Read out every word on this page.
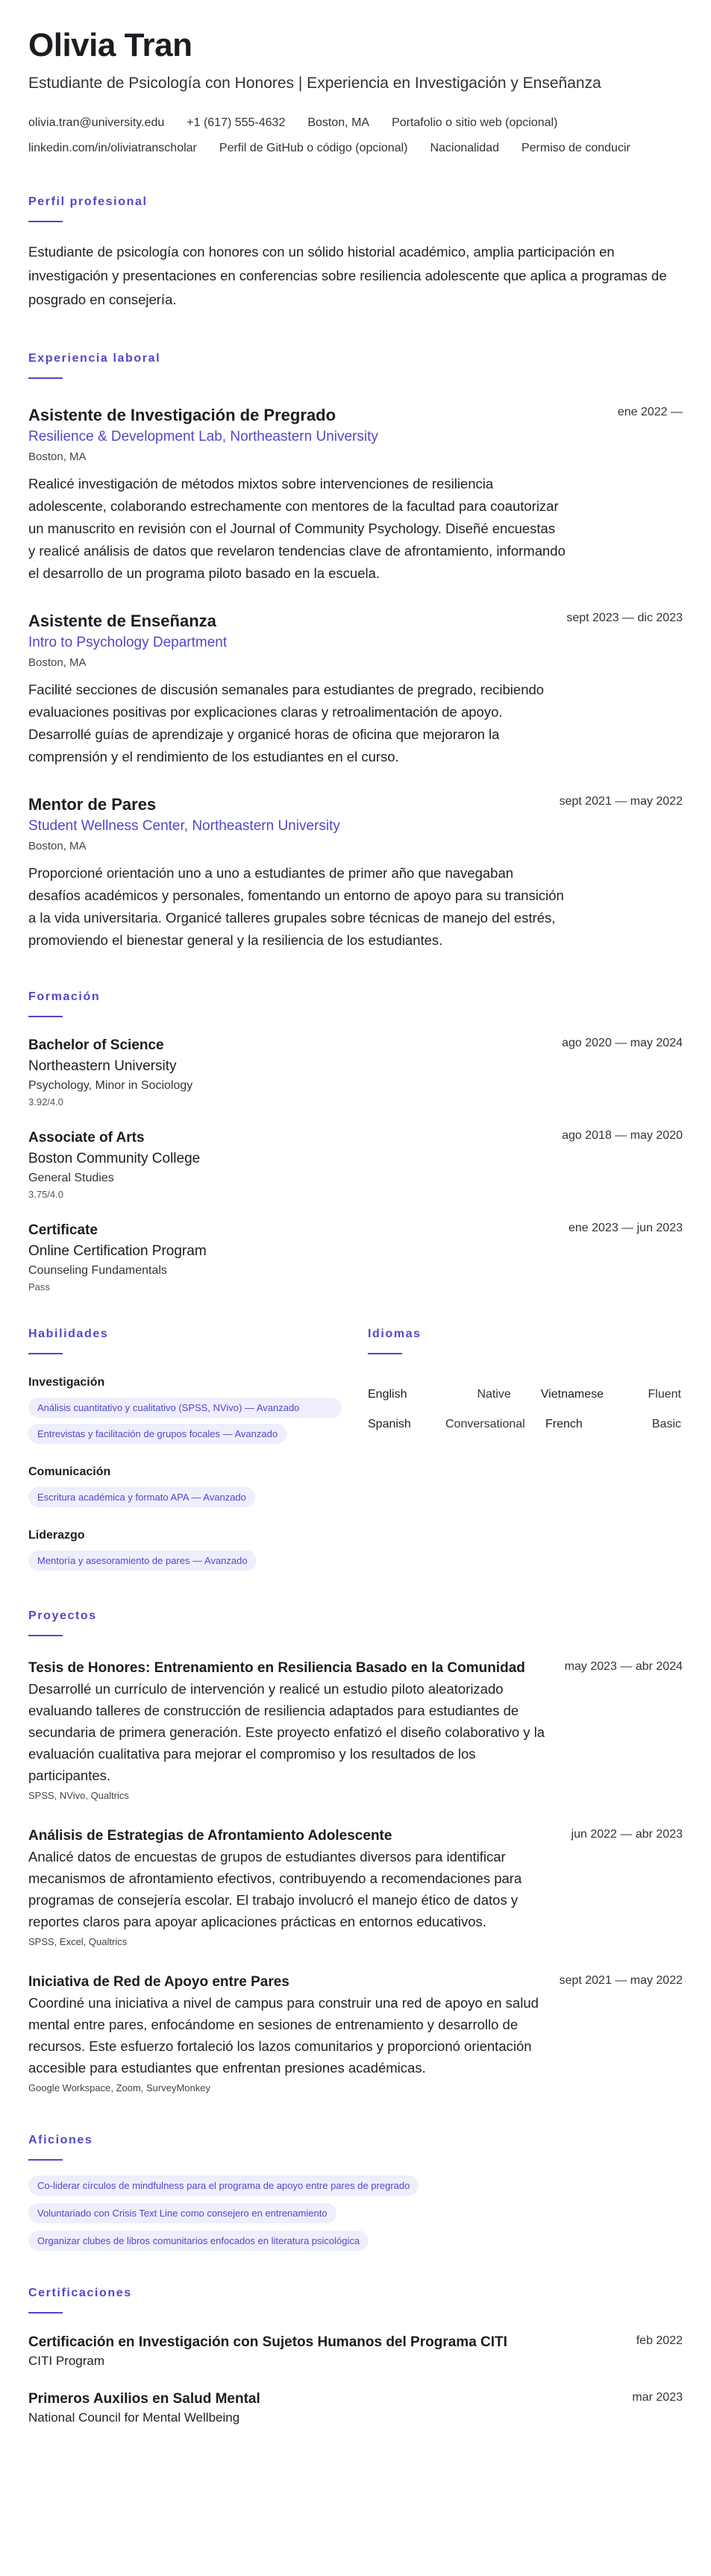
Olivia Tran
Estudiante de Psicología con Honores | Experiencia en Investigación y Enseñanza
olivia.tran@university.edu +1 (617) 555-4632 Boston, MA Portafolio o sitio web (opcional)
linkedin.com/in/oliviatranscholar Perfil de GitHub o código (opcional) Nacionalidad Permiso de conducir
Perfil profesional

Estudiante de psicología con honores con un sólido historial académico, amplia participación en investigación y presentaciones en conferencias sobre resiliencia adolescente que aplica a programas de posgrado en consejería.

Experiencia laboral
ene 2022 —
Asistente de Investigación de Pregrado
Resilience & Development Lab, Northeastern University
Boston, MA

Realicé investigación de métodos mixtos sobre intervenciones de resiliencia adolescente, colaborando estrechamente con mentores de la facultad para coautorizar un manuscrito en revisión con el Journal of Community Psychology. Diseñé encuestas y realicé análisis de datos que revelaron tendencias clave de afrontamiento, informando el desarrollo de un programa piloto basado en la escuela.

sept 2023 — dic 2023
Asistente de Enseñanza
Intro to Psychology Department
Boston, MA

Facilité secciones de discusión semanales para estudiantes de pregrado, recibiendo evaluaciones positivas por explicaciones claras y retroalimentación de apoyo. Desarrollé guías de aprendizaje y organicé horas de oficina que mejoraron la comprensión y el rendimiento de los estudiantes en el curso.

sept 2021 — may 2022
Mentor de Pares
Student Wellness Center, Northeastern University
Boston, MA

Proporcioné orientación uno a uno a estudiantes de primer año que navegaban desafíos académicos y personales, fomentando un entorno de apoyo para su transición a la vida universitaria. Organicé talleres grupales sobre técnicas de manejo del estrés, promoviendo el bienestar general y la resiliencia de los estudiantes.

Formación
ago 2020 — may 2024
Bachelor of Science
Northeastern University
Psychology, Minor in Sociology
3.92/4.0
ago 2018 — may 2020
Associate of Arts
Boston Community College
General Studies
3.75/4.0
ene 2023 — jun 2023
Certificate
Online Certification Program
Counseling Fundamentals
Pass
Habilidades
Investigación
Análisis cuantitativo y cualitativo (SPSS, NVivo) — Avanzado
Entrevistas y facilitación de grupos focales — Avanzado
Comunicación
Escritura académica y formato APA — Avanzado
Liderazgo
Mentoría y asesoramiento de pares — Avanzado
Idiomas
English	Native	Vietnamese	Fluent
Spanish	Conversational French	Basic
Proyectos
may 2023 — abr 2024
Tesis de Honores: Entrenamiento en Resiliencia Basado en la Comunidad

Desarrollé un currículo de intervención y realicé un estudio piloto aleatorizado evaluando talleres de construcción de resiliencia adaptados para estudiantes de secundaria de primera generación. Este proyecto enfatizó el diseño colaborativo y la evaluación cualitativa para mejorar el compromiso y los resultados de los participantes.

SPSS, NVivo, Qualtrics
jun 2022 — abr 2023
Análisis de Estrategias de Afrontamiento Adolescente

Analicé datos de encuestas de grupos de estudiantes diversos para identificar mecanismos de afrontamiento efectivos, contribuyendo a recomendaciones para programas de consejería escolar. El trabajo involucró el manejo ético de datos y reportes claros para apoyar aplicaciones prácticas en entornos educativos.

SPSS, Excel, Qualtrics
sept 2021 — may 2022
Iniciativa de Red de Apoyo entre Pares

Coordiné una iniciativa a nivel de campus para construir una red de apoyo en salud mental entre pares, enfocándome en sesiones de entrenamiento y desarrollo de recursos. Este esfuerzo fortaleció los lazos comunitarios y proporcionó orientación accesible para estudiantes que enfrentan presiones académicas.

Google Workspace, Zoom, SurveyMonkey
Aficiones
Co-liderar círculos de mindfulness para el programa de apoyo entre pares de pregrado
Voluntariado con Crisis Text Line como consejero en entrenamiento
Organizar clubes de libros comunitarios enfocados en literatura psicológica
Certificaciones
feb 2022
Certificación en Investigación con Sujetos Humanos del Programa CITI
CITI Program
mar 2023
Primeros Auxilios en Salud Mental
National Council for Mental Wellbeing
